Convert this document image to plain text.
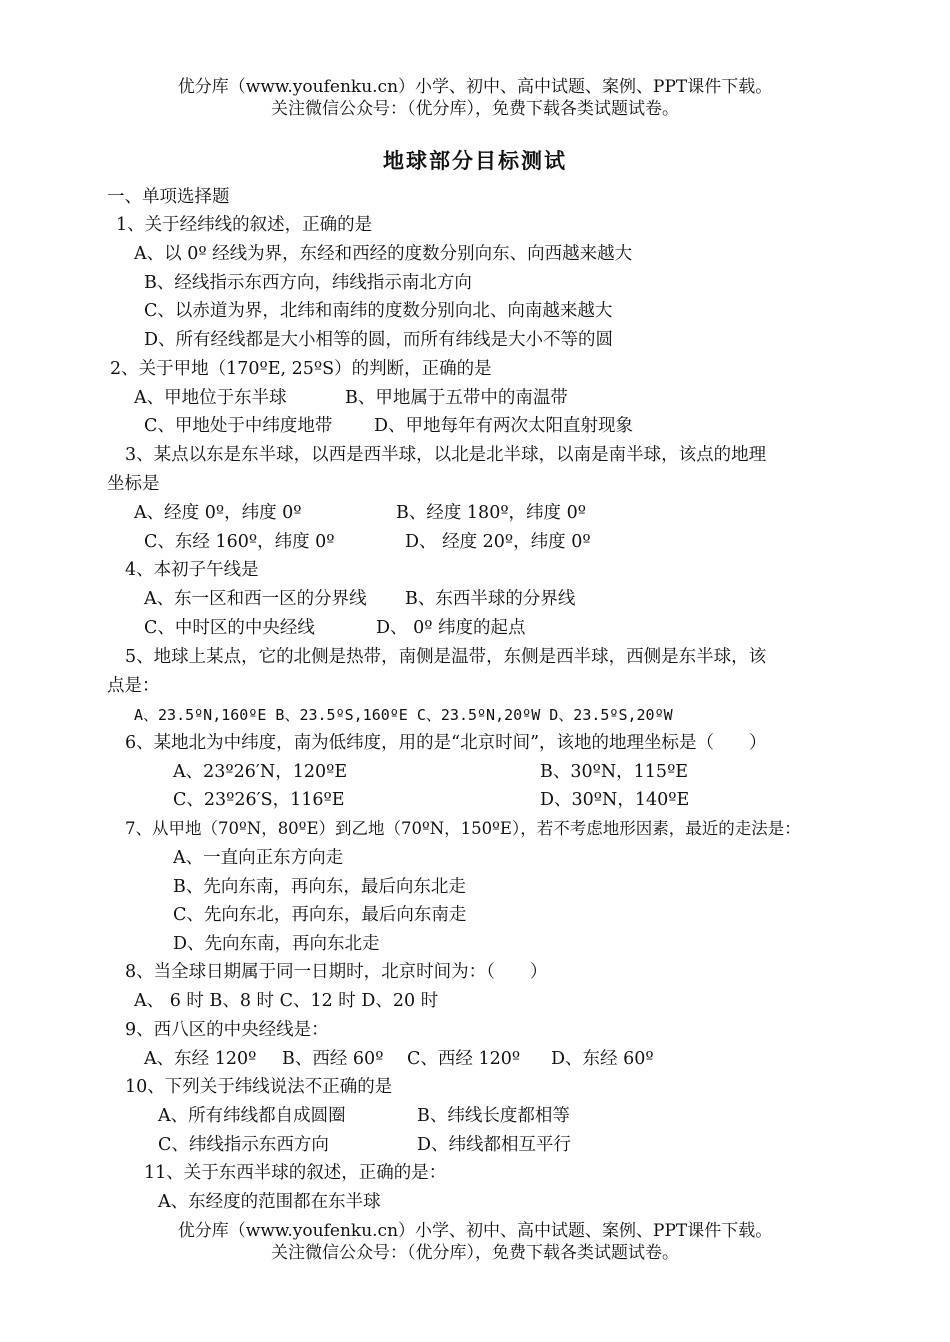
优分库（www.youfenku.cn）小学、初中、高中试题、案例、PPT课件下载。
关注微信公众号：（优分库），免费下载各类试题试卷。
地球部分目标测试
一、单项选择题
1、关于经纬线的叙述，正确的是
A、以 0º 经线为界，东经和西经的度数分别向东、向西越来越大
B、经线指示东西方向，纬线指示南北方向
C、以赤道为界，北纬和南纬的度数分别向北、向南越来越大
D、所有经线都是大小相等的圆，而所有纬线是大小不等的圆
2、关于甲地（170ºE, 25ºS）的判断，正确的是
A、甲地位于东半球	B、甲地属于五带中的南温带
C、甲地处于中纬度地带 D、甲地每年有两次太阳直射现象
3、某点以东是东半球，以西是西半球，以北是北半球，以南是南半球，该点的地理
坐标是
A、经度 0º，纬度 0º	B、经度 180º，纬度 0º
C、东经 160º，纬度 0º	D、 经度 20º，纬度 0º
4、本初子午线是
A、东一区和西一区的分界线 B、东西半球的分界线
C、中时区的中央经线	D、 0º 纬度的起点
5、地球上某点，它的北侧是热带，南侧是温带，东侧是西半球，西侧是东半球，该
点是：
A、23.5ºN,160ºE B、23.5ºS,160ºE C、23.5ºN,20ºW D、23.5ºS,20ºW
6、某地北为中纬度，南为低纬度，用的是“北京时间”，该地的地理坐标是（　　）
A、23º26′N，120ºE	B、30ºN，115ºE
C、23º26′S，116ºE	D、30ºN，140ºE
7、从甲地（70ºN，80ºE）到乙地（70ºN，150ºE），若不考虑地形因素，最近的走法是：
A、一直向正东方向走
B、先向东南，再向东，最后向东北走
C、先向东北，再向东，最后向东南走
D、先向东南，再向东北走
8、当全球日期属于同一日期时，北京时间为：（　　）
A、 6 时 B、8 时 C、12 时 D、20 时
9、西八区的中央经线是：
A、东经 120º B、西经 60º C、西经 120º D、东经 60º
10、下列关于纬线说法不正确的是
A、所有纬线都自成圆圈	B、纬线长度都相等
C、纬线指示东西方向	D、纬线都相互平行
11、关于东西半球的叙述，正确的是：
A、东经度的范围都在东半球
优分库（www.youfenku.cn）小学、初中、高中试题、案例、PPT课件下载。
关注微信公众号：（优分库），免费下载各类试题试卷。
